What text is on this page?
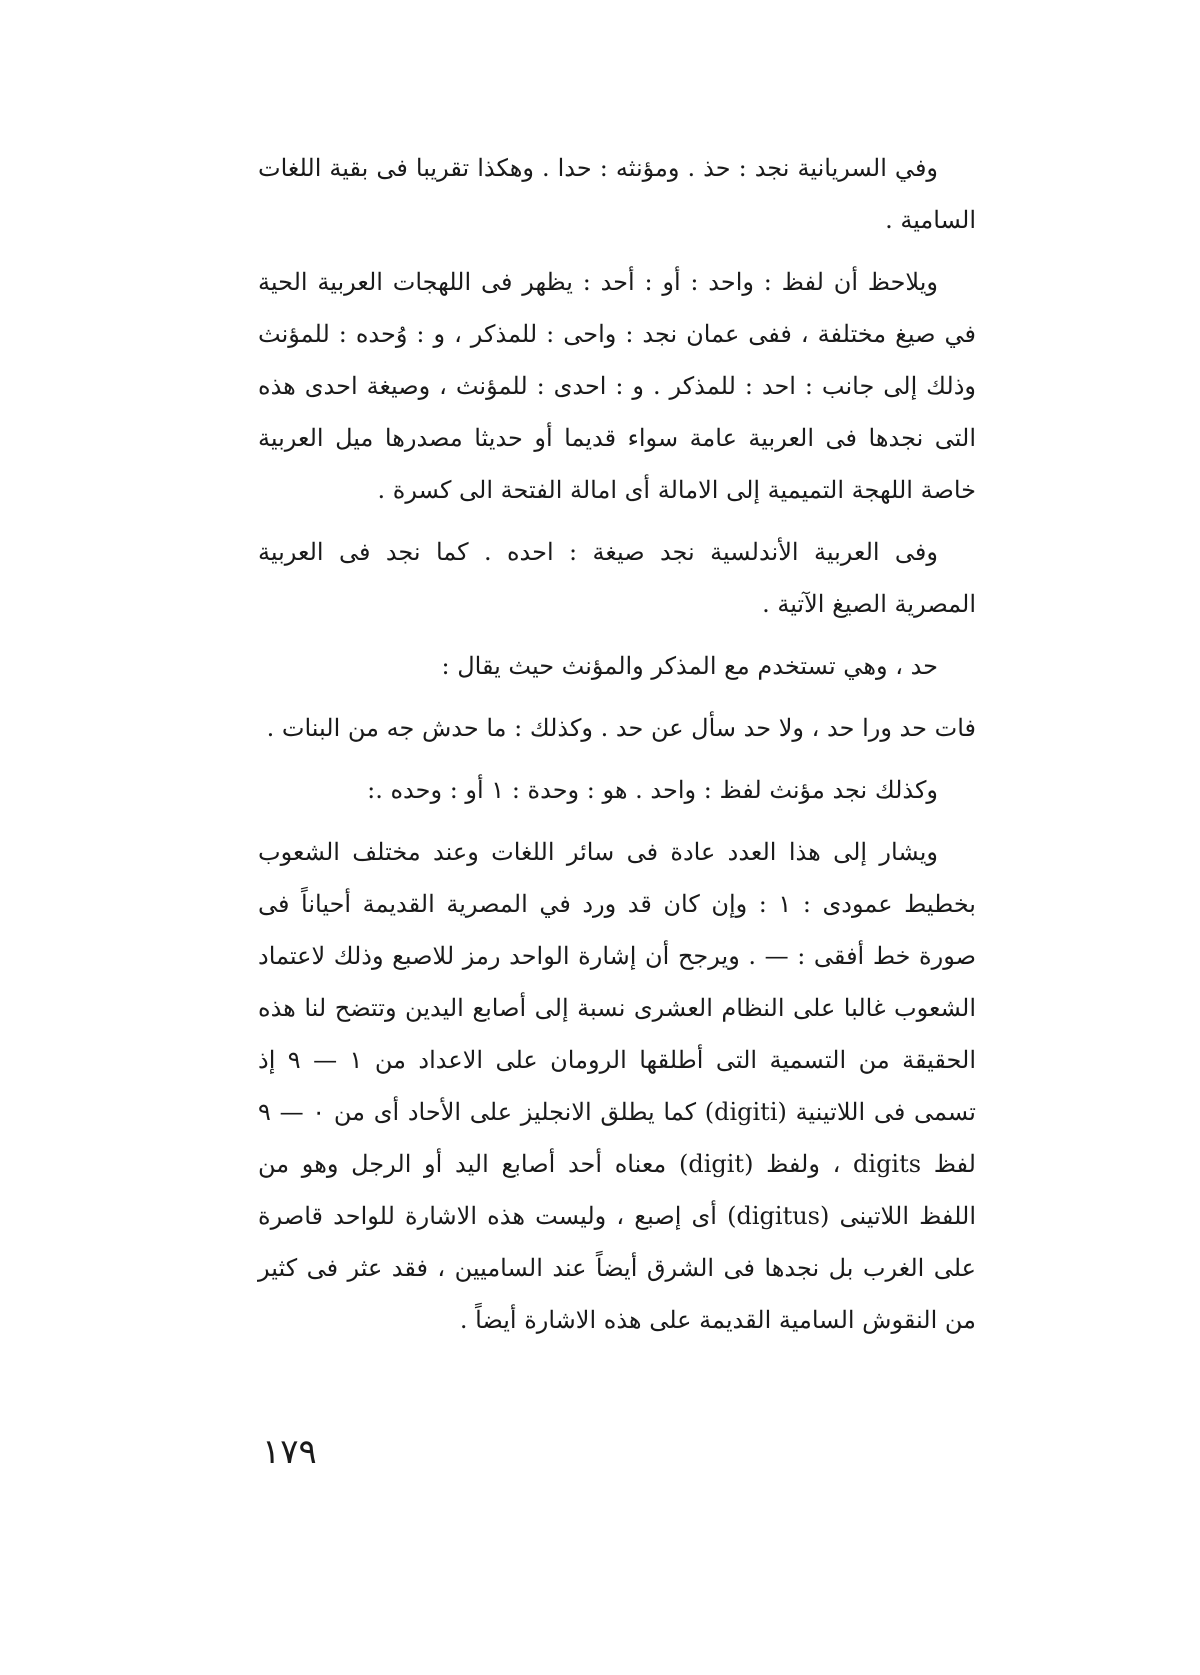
وفي السريانية نجد : حذ . ومؤنثه : حدا . وهكذا تقريبا فى بقية اللغات السامية .

ويلاحظ أن لفظ : واحد : أو : أحد : يظهر فى اللهجات العربية الحية في صيغ مختلفة ، ففى عمان نجد : واحى : للمذكر ، و : وُحده : للمؤنث وذلك إلى جانب : احد : للمذكر . و : احدى : للمؤنث ، وصيغة احدى هذه التى نجدها فى العربية عامة سواء قديما أو حديثا مصدرها ميل العربية خاصة اللهجة التميمية إلى الامالة أى امالة الفتحة الى كسرة .

وفى العربية الأندلسية نجد صيغة : احده . كما نجد فى العربية المصرية الصيغ الآتية .

حد ، وهي تستخدم مع المذكر والمؤنث حيث يقال :

فات حد ورا حد ، ولا حد سأل عن حد . وكذلك : ما حدش جه من البنات .

وكذلك نجد مؤنث لفظ : واحد . هو : وحدة : ١ أو : وحده .:

ويشار إلى هذا العدد عادة فى سائر اللغات وعند مختلف الشعوب بخطيط عمودى : ١ : وإن كان قد ورد في المصرية القديمة أحياناً فى صورة خط أفقى : — . ويرجح أن إشارة الواحد رمز للاصبع وذلك لاعتماد الشعوب غالبا على النظام العشرى نسبة إلى أصابع اليدين وتتضح لنا هذه الحقيقة من التسمية التى أطلقها الرومان على الاعداد من ١ — ٩ إذ تسمى فى اللاتينية (digiti) كما يطلق الانجليز على الأحاد أى من ٠ — ٩ لفظ digits ، ولفظ (digit) معناه أحد أصابع اليد أو الرجل وهو من اللفظ اللاتينى (digitus) أى إصبع ، وليست هذه الاشارة للواحد قاصرة على الغرب بل نجدها فى الشرق أيضاً عند الساميين ، فقد عثر فى كثير من النقوش السامية القديمة على هذه الاشارة أيضاً .

١٧٩
